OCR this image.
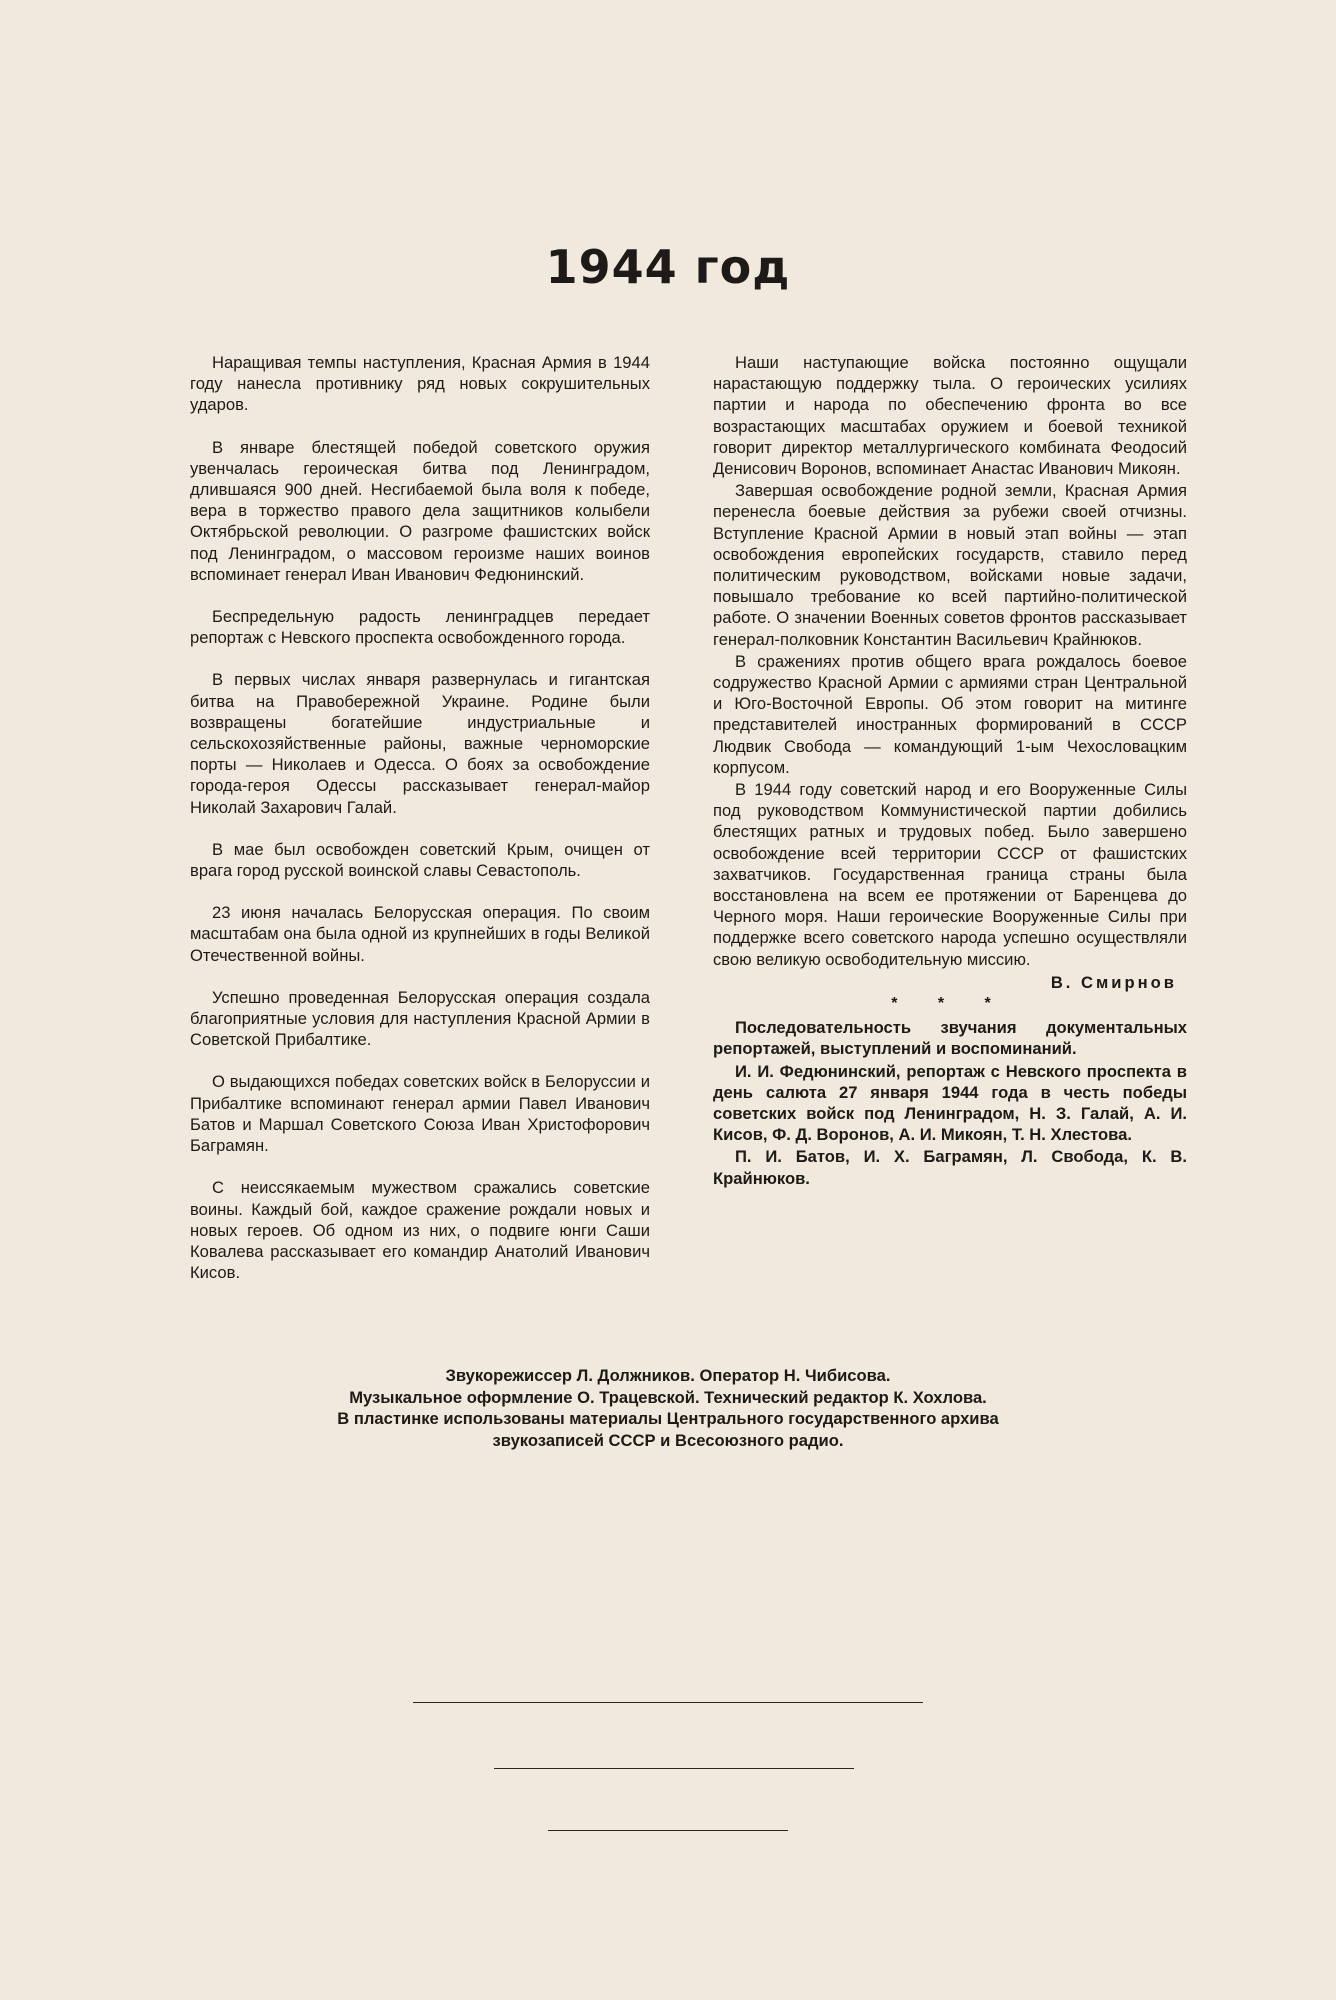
1944 год

Наращивая темпы наступления, Красная Армия в 1944 году нанесла противнику ряд новых сокрушительных ударов.

В январе блестящей победой советского оружия увенчалась героическая битва под Ленинградом, длившаяся 900 дней. Несгибаемой была воля к победе, вера в торжество правого дела защитников колыбели Октябрьской революции. О разгроме фашистских войск под Ленинградом, о массовом героизме наших воинов вспоминает генерал Иван Иванович Федюнинский.

Беспредельную радость ленинградцев передает репортаж с Невского проспекта освобожденного города.

В первых числах января развернулась и гигантская битва на Правобережной Украине. Родине были возвращены богатейшие индустриальные и сельскохозяйственные районы, важные черноморские порты — Николаев и Одесса. О боях за освобождение города-героя Одессы рассказывает генерал-майор Николай Захарович Галай.

В мае был освобожден советский Крым, очищен от врага город русской воинской славы Севастополь.

23 июня началась Белорусская операция. По своим масштабам она была одной из крупнейших в годы Великой Отечественной войны.

Успешно проведенная Белорусская операция создала благоприятные условия для наступления Красной Армии в Советской Прибалтике.

О выдающихся победах советских войск в Белоруссии и Прибалтике вспоминают генерал армии Павел Иванович Батов и Маршал Советского Союза Иван Христофорович Баграмян.

С неиссякаемым мужеством сражались советские воины. Каждый бой, каждое сражение рождали новых и новых героев. Об одном из них, о подвиге юнги Саши Ковалева рассказывает его командир Анатолий Иванович Кисов.

Наши наступающие войска постоянно ощущали нарастающую поддержку тыла. О героических усилиях партии и народа по обеспечению фронта во все возрастающих масштабах оружием и боевой техникой говорит директор металлургического комбината Феодосий Денисович Воронов, вспоминает Анастас Иванович Микоян.

Завершая освобождение родной земли, Красная Армия перенесла боевые действия за рубежи своей отчизны. Вступление Красной Армии в новый этап войны — этап освобождения европейских государств, ставило перед политическим руководством, войсками новые задачи, повышало требование ко всей партийно-политической работе. О значении Военных советов фронтов рассказывает генерал-полковник Константин Васильевич Крайнюков.

В сражениях против общего врага рождалось боевое содружество Красной Армии с армиями стран Центральной и Юго-Восточной Европы. Об этом говорит на митинге представителей иностранных формирований в СССР Людвик Свобода — командующий 1-ым Чехословацким корпусом.

В 1944 году советский народ и его Вооруженные Силы под руководством Коммунистической партии добились блестящих ратных и трудовых побед. Было завершено освобождение всей территории СССР от фашистских захватчиков. Государственная граница страны была восстановлена на всем ее протяжении от Баренцева до Черного моря. Наши героические Вооруженные Силы при поддержке всего советского народа успешно осуществляли свою великую освободительную миссию.

В. Смирнов
* * *

Последовательность звучания документальных репортажей, выступлений и воспоминаний.

И. И. Федюнинский, репортаж с Невского проспекта в день салюта 27 января 1944 года в честь победы советских войск под Ленинградом, Н. З. Галай, А. И. Кисов, Ф. Д. Воронов, А. И. Микоян, Т. Н. Хлестова.

П. И. Батов, И. Х. Баграмян, Л. Свобода, К. В. Крайнюков.

Звукорежиссер Л. Должников. Оператор Н. Чибисова.
Музыкальное оформление О. Трацевской. Технический редактор К. Хохлова.
В пластинке использованы материалы Центрального государственного архива
звукозаписей СССР и Всесоюзного радио.
